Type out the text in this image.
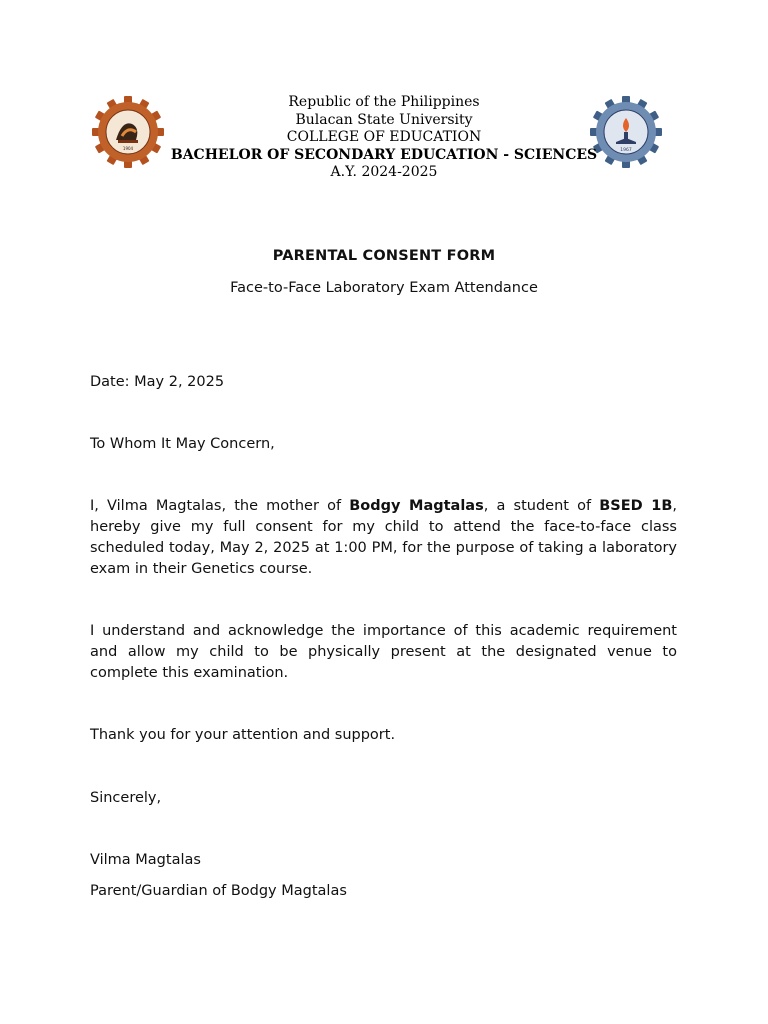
1904	1967
Republic of the Philippines
Bulacan State University
COLLEGE OF EDUCATION
BACHELOR OF SECONDARY EDUCATION - SCIENCES
A.Y. 2024-2025
PARENTAL CONSENT FORM
Face-to-Face Laboratory Exam Attendance
Date: May 2, 2025
To Whom It May Concern,
I, Vilma Magtalas, the mother of Bodgy Magtalas, a student of BSED 1B, hereby give my full consent for my child to attend the face-to-face class scheduled today, May 2, 2025 at 1:00 PM, for the purpose of taking a laboratory exam in their Genetics course.
I understand and acknowledge the importance of this academic requirement and allow my child to be physically present at the designated venue to complete this examination.
Thank you for your attention and support.
Sincerely,
Vilma Magtalas
Parent/Guardian of Bodgy Magtalas
